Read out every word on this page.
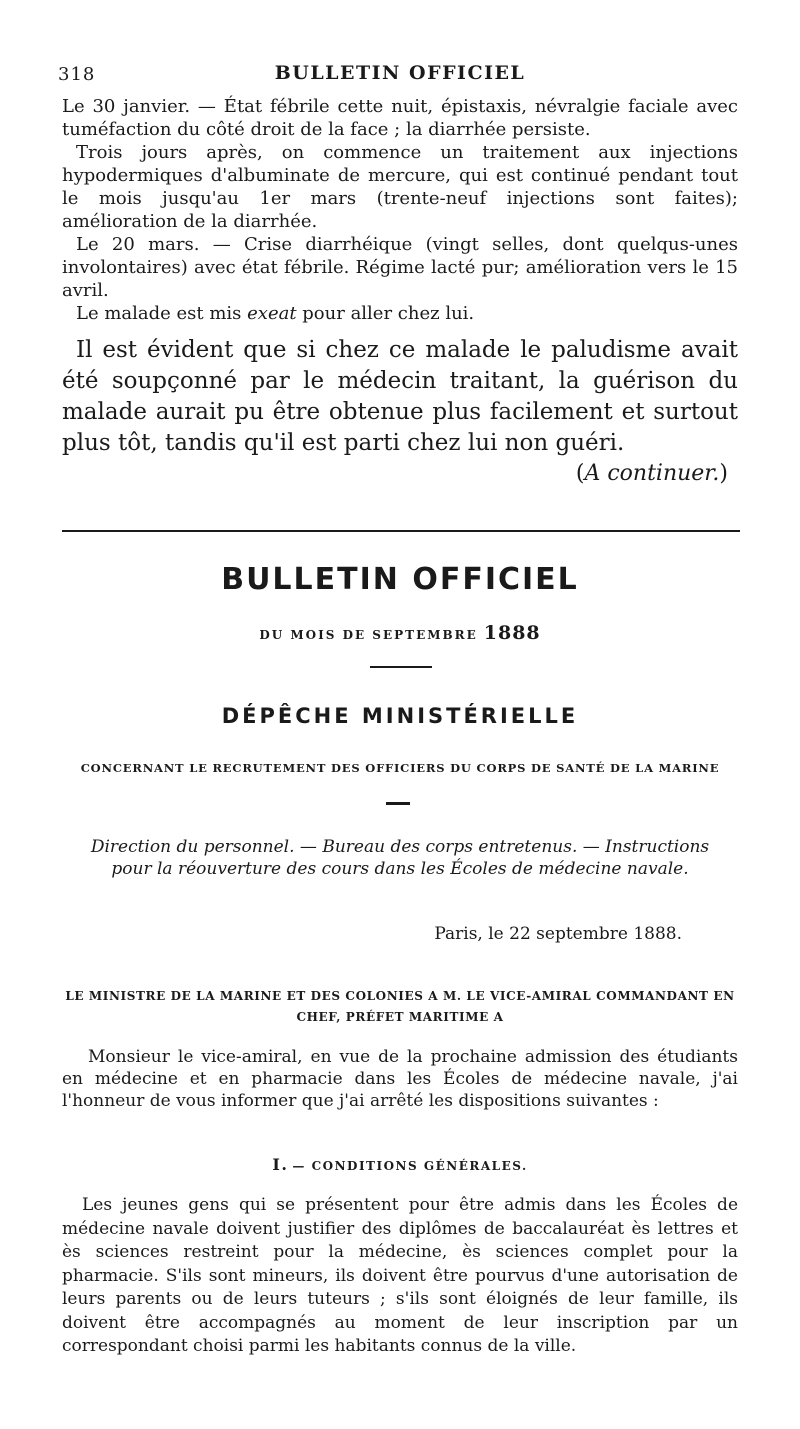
318	BULLETIN OFFICIEL

Le 30 janvier. — État fébrile cette nuit, épistaxis, névralgie faciale avec tuméfaction du côté droit de la face ; la diarrhée persiste.

Trois jours après, on commence un traitement aux injections hypodermiques d'albuminate de mercure, qui est continué pendant tout le mois jusqu'au 1er mars (trente-neuf injections sont faites); amélioration de la diarrhée.

Le 20 mars. — Crise diarrhéique (vingt selles, dont quelqus-unes involontaires) avec état fébrile. Régime lacté pur; amélioration vers le 15 avril.

Le malade est mis exeat pour aller chez lui.

Il est évident que si chez ce malade le paludisme avait été soupçonné par le médecin traitant, la guérison du malade aurait pu être obtenue plus facilement et surtout plus tôt, tandis qu'il est parti chez lui non guéri.

(A continuer.)
BULLETIN OFFICIEL
DU MOIS DE SEPTEMBRE 1888
DÉPÊCHE MINISTÉRIELLE
CONCERNANT LE RECRUTEMENT DES OFFICIERS DU CORPS DE SANTÉ DE LA MARINE
Direction du personnel. — Bureau des corps entretenus. — Instructions pour la réouverture des cours dans les Écoles de médecine navale.
Paris, le 22 septembre 1888.
LE MINISTRE DE LA MARINE ET DES COLONIES A M. LE VICE-AMIRAL COMMANDANT EN CHEF, PRÉFET MARITIME A

Monsieur le vice-amiral, en vue de la prochaine admission des étudiants en médecine et en pharmacie dans les Écoles de médecine navale, j'ai l'honneur de vous informer que j'ai arrêté les dispositions suivantes :

I. — CONDITIONS GÉNÉRALES.

Les jeunes gens qui se présentent pour être admis dans les Écoles de médecine navale doivent justifier des diplômes de baccalauréat ès lettres et ès sciences restreint pour la médecine, ès sciences complet pour la pharmacie. S'ils sont mineurs, ils doivent être pourvus d'une autorisation de leurs parents ou de leurs tuteurs ; s'ils sont éloignés de leur famille, ils doivent être accompagnés au moment de leur inscription par un correspondant choisi parmi les habitants connus de la ville.
